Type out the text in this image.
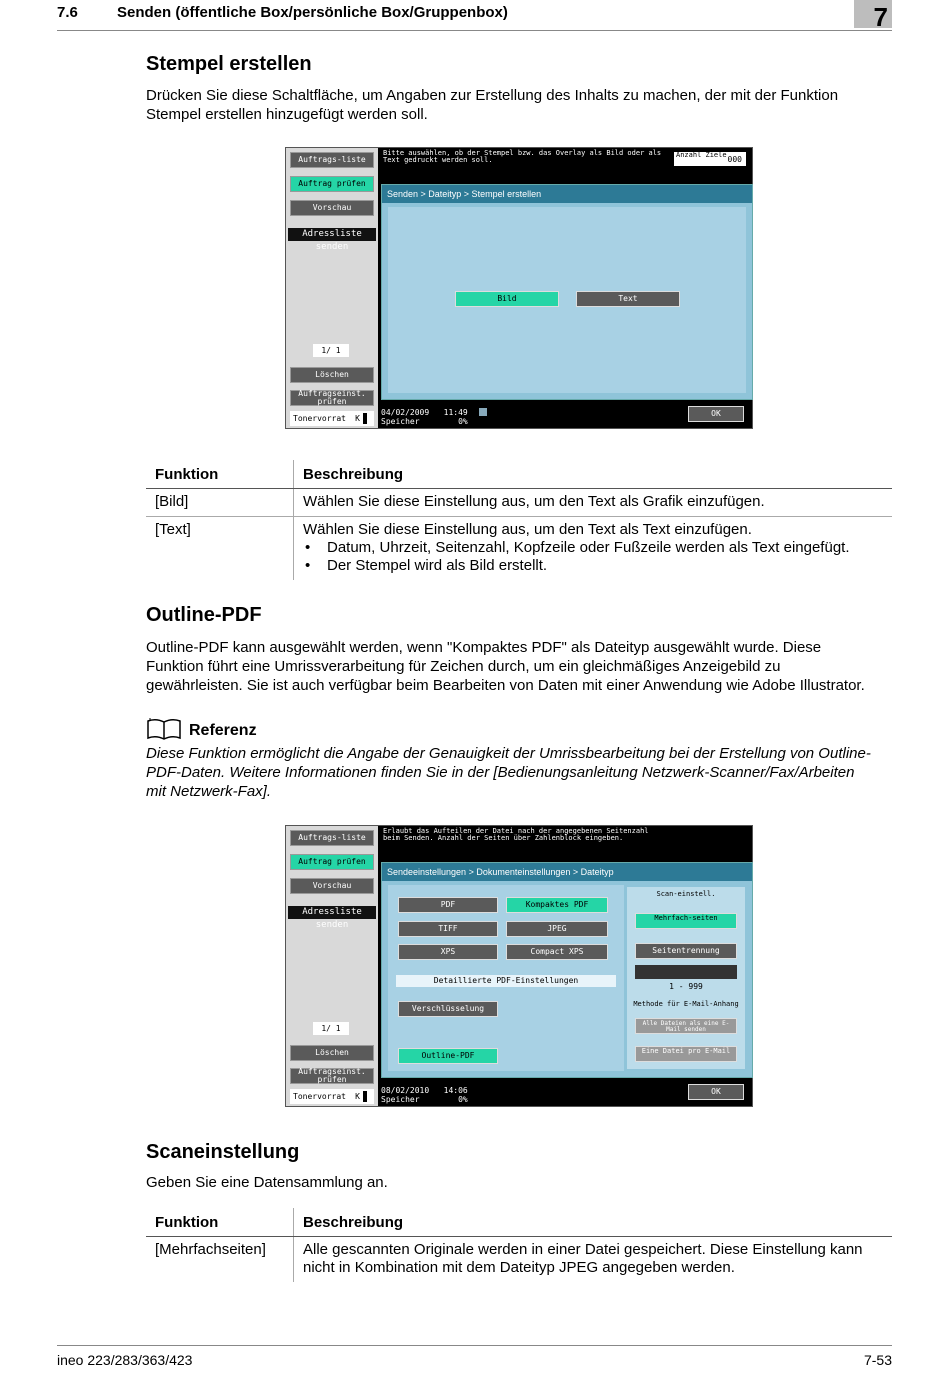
7.6	Senden (öffentliche Box/persönliche Box/Gruppenbox)	7
Stempel erstellen

Drücken Sie diese Schaltfläche, um Angaben zur Erstellung des Inhalts zu machen, der mit der Funktion
Stempel erstellen hinzugefügt werden soll.

Auftrags-liste
Auftrag prüfen
Vorschau
Adressliste senden
1/ 1
Löschen
Auftragseinst. prüfen
Tonervorrat K
Bitte auswählen, ob der Stempel bzw. das Overlay als Bild oder als Text gedruckt werden soll.
Anzahl Ziele 000
Senden > Dateityp > Stempel erstellen
Bild	Text
04/02/2009 11:49
Speicher	0%
OK
Funktion	Beschreibung
[Bild]	Wählen Sie diese Einstellung aus, um den Text als Grafik einzufügen.
[Text]	Wählen Sie diese Einstellung aus, um den Text als Text einzufügen.
• Datum, Uhrzeit, Seitenzahl, Kopfzeile oder Fußzeile werden als Text eingefügt.
• Der Stempel wird als Bild erstellt.
Outline-PDF

Outline-PDF kann ausgewählt werden, wenn "Kompaktes PDF" als Dateityp ausgewählt wurde. Diese
Funktion führt eine Umrissverarbeitung für Zeichen durch, um ein gleichmäßiges Anzeigebild zu
gewährleisten. Sie ist auch verfügbar beim Bearbeiten von Daten mit einer Anwendung wie Adobe Illustrator.

Referenz

Diese Funktion ermöglicht die Angabe der Genauigkeit der Umrissbearbeitung bei der Erstellung von Outline-
PDF-Daten. Weitere Informationen finden Sie in der [Bedienungsanleitung Netzwerk-Scanner/Fax/Arbeiten
mit Netzwerk-Fax].

Auftrags-liste
Auftrag prüfen
Vorschau
Adressliste senden
1/ 1
Löschen
Auftragseinst. prüfen
Tonervorrat K
Erlaubt das Aufteilen der Datei nach der angegebenen Seitenzahl beim Senden. Anzahl der Seiten über Zahlenblock eingeben.
Sendeeinstellungen > Dokumenteinstellungen > Dateityp
PDF	Kompaktes PDF
TIFF	JPEG
XPS	Compact XPS
Detaillierte PDF-Einstellungen
Verschlüsselung
Outline-PDF
Scan-einstell.
Mehrfach-seiten
Seitentrennung
1 - 999
Methode für E-Mail-Anhang
Alle Dateien als eine E-Mail senden
Eine Datei pro E-Mail
08/02/2010 14:06
Speicher	0%
OK
Scaneinstellung

Geben Sie eine Datensammlung an.

Funktion	Beschreibung
[Mehrfachseiten]	Alle gescannten Originale werden in einer Datei gespeichert. Diese Einstellung kann
nicht in Kombination mit dem Dateityp JPEG angegeben werden.
ineo 223/283/363/423	7-53
